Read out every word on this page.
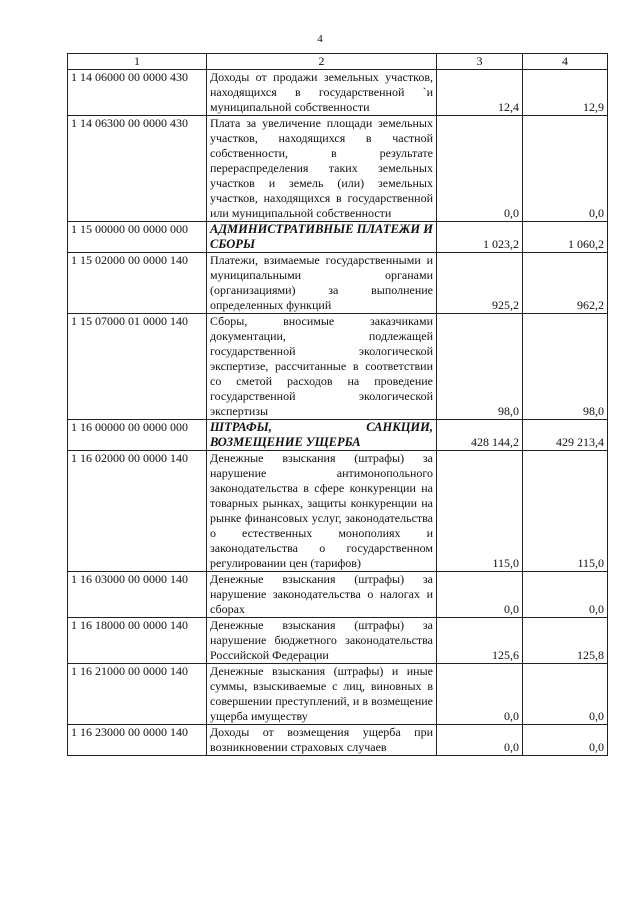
4
1	2	3	4
1 14 06000 00 0000 430	Доходы от продажи земельных участков, находящихся в государственной `и муниципальной собственности	12,4	12,9
1 14 06300 00 0000 430	Плата за увеличение площади земельных участков, находящихся в частной собственности, в результате перераспределения таких земельных участков и земель (или) земельных участков, находящихся в государственной или муниципальной собственности	0,0	0,0
1 15 00000 00 0000 000	АДМИНИСТРАТИВНЫЕ ПЛАТЕЖИ И СБОРЫ	1 023,2	1 060,2
1 15 02000 00 0000 140	Платежи, взимаемые государственными и муниципальными органами (организациями) за выполнение определенных функций	925,2	962,2
1 15 07000 01 0000 140	Сборы, вносимые заказчиками документации, подлежащей государственной экологической экспертизе, рассчитанные в соответствии со сметой расходов на проведение государственной экологической экспертизы	98,0	98,0
1 16 00000 00 0000 000	ШТРАФЫ, САНКЦИИ, ВОЗМЕЩЕНИЕ УЩЕРБА	428 144,2	429 213,4
1 16 02000 00 0000 140	Денежные взыскания (штрафы) за нарушение антимонопольного законодательства в сфере конкуренции на товарных рынках, защиты конкуренции на рынке финансовых услуг, законодательства о естественных монополиях и законодательства о государственном регулировании цен (тарифов)	115,0	115,0
1 16 03000 00 0000 140	Денежные взыскания (штрафы) за нарушение законодательства о налогах и сборах	0,0	0,0
1 16 18000 00 0000 140	Денежные взыскания (штрафы) за нарушение бюджетного законодательства Российской Федерации	125,6	125,8
1 16 21000 00 0000 140	Денежные взыскания (штрафы) и иные суммы, взыскиваемые с лиц, виновных в совершении преступлений, и в возмещение ущерба имуществу	0,0	0,0
1 16 23000 00 0000 140	Доходы от возмещения ущерба при возникновении страховых случаев	0,0	0,0
